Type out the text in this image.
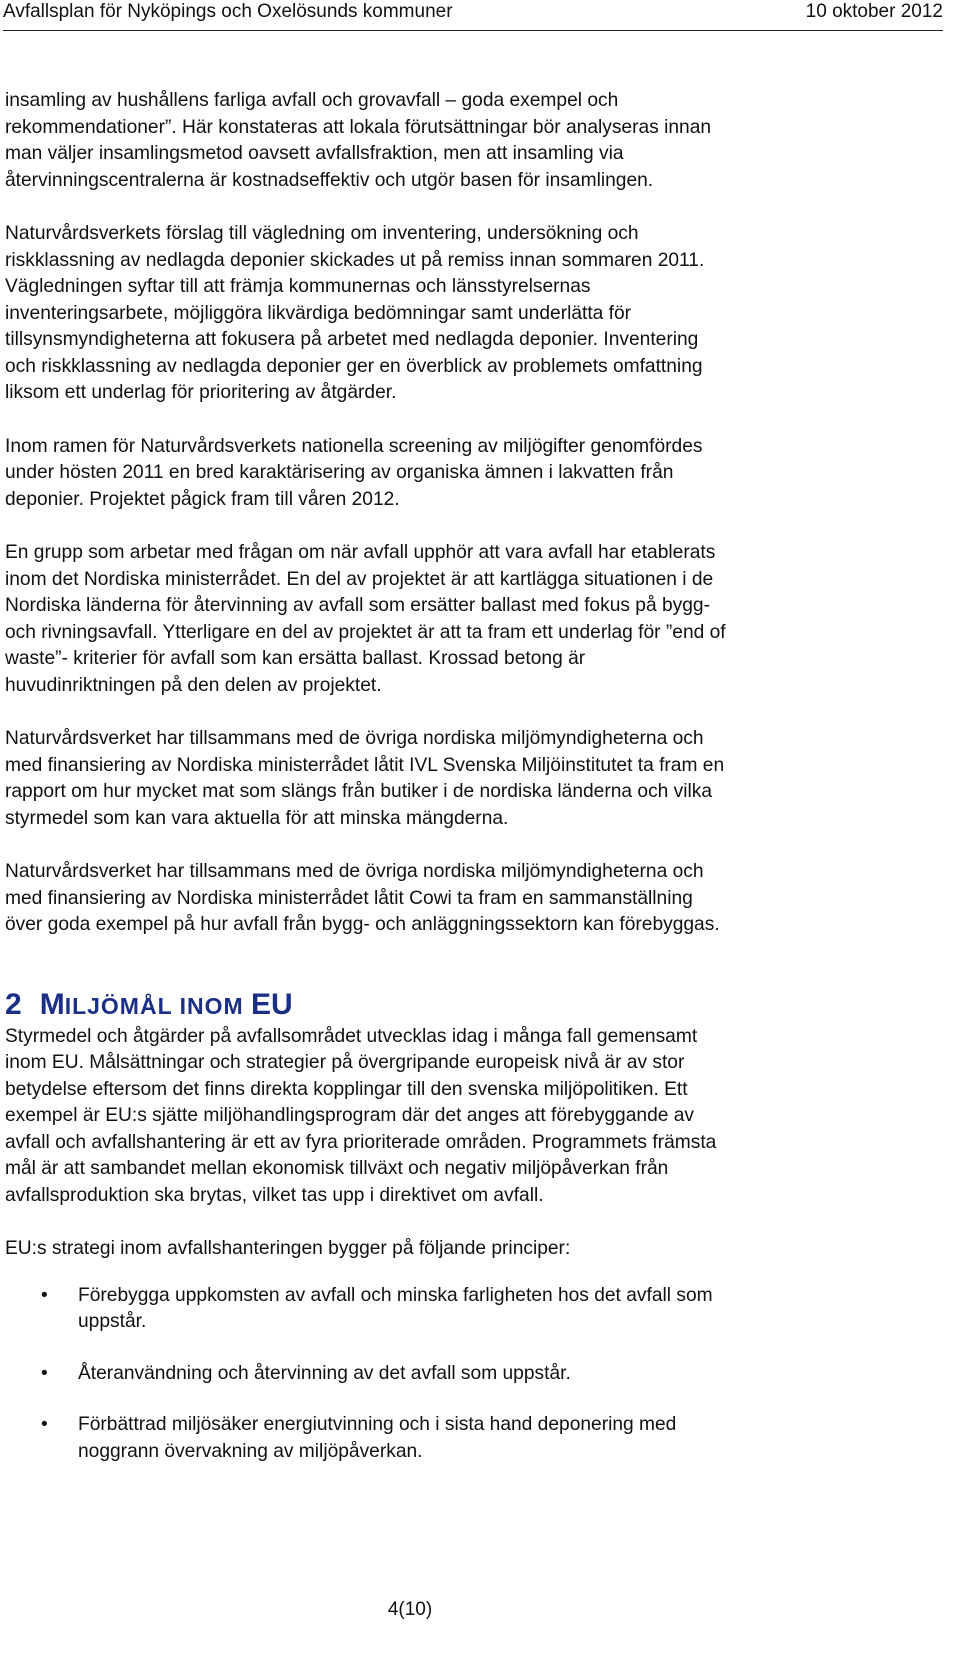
Avfallsplan för Nyköpings och Oxelösunds kommuner	10 oktober 2012

insamling av hushållens farliga avfall och grovavfall – goda exempel och
rekommendationer”. Här konstateras att lokala förutsättningar bör analyseras innan
man väljer insamlingsmetod oavsett avfallsfraktion, men att insamling via
återvinningscentralerna är kostnadseffektiv och utgör basen för insamlingen.

Naturvårdsverkets förslag till vägledning om inventering, undersökning och
riskklassning av nedlagda deponier skickades ut på remiss innan sommaren 2011.
Vägledningen syftar till att främja kommunernas och länsstyrelsernas
inventeringsarbete, möjliggöra likvärdiga bedömningar samt underlätta för
tillsynsmyndigheterna att fokusera på arbetet med nedlagda deponier. Inventering
och riskklassning av nedlagda deponier ger en överblick av problemets omfattning
liksom ett underlag för prioritering av åtgärder.

Inom ramen för Naturvårdsverkets nationella screening av miljögifter genomfördes
under hösten 2011 en bred karaktärisering av organiska ämnen i lakvatten från
deponier. Projektet pågick fram till våren 2012.

En grupp som arbetar med frågan om när avfall upphör att vara avfall har etablerats
inom det Nordiska ministerrådet. En del av projektet är att kartlägga situationen i de
Nordiska länderna för återvinning av avfall som ersätter ballast med fokus på bygg-
och rivningsavfall. Ytterligare en del av projektet är att ta fram ett underlag för ”end of
waste”- kriterier för avfall som kan ersätta ballast. Krossad betong är
huvudinriktningen på den delen av projektet.

Naturvårdsverket har tillsammans med de övriga nordiska miljömyndigheterna och
med finansiering av Nordiska ministerrådet låtit IVL Svenska Miljöinstitutet ta fram en
rapport om hur mycket mat som slängs från butiker i de nordiska länderna och vilka
styrmedel som kan vara aktuella för att minska mängderna.

Naturvårdsverket har tillsammans med de övriga nordiska miljömyndigheterna och
med finansiering av Nordiska ministerrådet låtit Cowi ta fram en sammanställning
över goda exempel på hur avfall från bygg- och anläggningssektorn kan förebyggas.

2 MILJÖMÅL INOM EU

Styrmedel och åtgärder på avfallsområdet utvecklas idag i många fall gemensamt
inom EU. Målsättningar och strategier på övergripande europeisk nivå är av stor
betydelse eftersom det finns direkta kopplingar till den svenska miljöpolitiken. Ett
exempel är EU:s sjätte miljöhandlingsprogram där det anges att förebyggande av
avfall och avfallshantering är ett av fyra prioriterade områden. Programmets främsta
mål är att sambandet mellan ekonomisk tillväxt och negativ miljöpåverkan från
avfallsproduktion ska brytas, vilket tas upp i direktivet om avfall.

EU:s strategi inom avfallshanteringen bygger på följande principer:

• Förebygga uppkomsten av avfall och minska farligheten hos det avfall som
uppstår.
• Återanvändning och återvinning av det avfall som uppstår.
• Förbättrad miljösäker energiutvinning och i sista hand deponering med
noggrann övervakning av miljöpåverkan.
4(10)
